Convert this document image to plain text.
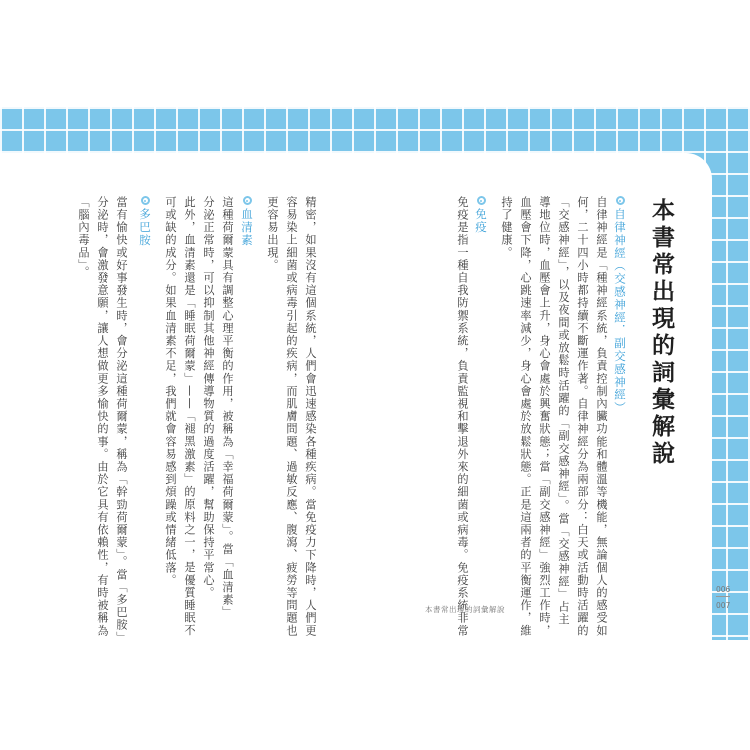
本書常出現的詞彙解說
自律神經（交感神經．副交感神經）
自律神經是「種神經系統，負責控制內臟功能和體溫等機能，無論個人的感受如
何，二十四小時都持續不斷運作著。自律神經分為兩部分：白天或活動時活躍的
「交感神經」，以及夜間或放鬆時活躍的「副交感神經」。當「交感神經」占主
導地位時，血壓會上升，身心會處於興奮狀態；當「副交感神經」強烈工作時，
血壓會下降，心跳速率減少，身心會處於放鬆狀態。正是這兩者的平衡運作，維
持了健康。
免疫
免疫是指一種自我防禦系統，負責監視和擊退外來的細菌或病毒。免疫系統非常
精密，如果沒有這個系統，人們會迅速感染各種疾病。當免疫力下降時，人們更
容易染上細菌或病毒引起的疾病，而肌膚問題、過敏反應、腹瀉、疲勞等問題也
更容易出現。
血清素
這種荷爾蒙具有調整心理平衡的作用，被稱為「幸福荷爾蒙」。當「血清素」
分泌正常時，可以抑制其他神經傳導物質的過度活躍，幫助保持平常心。
此外，血清素還是「睡眠荷爾蒙」——「褪黑激素」的原料之一，是優質睡眠不
可或缺的成分。如果血清素不足，我們就會容易感到煩躁或情緒低落。
多巴胺
當有愉快或好事發生時，會分泌這種荷爾蒙，稱為「幹勁荷爾蒙」。當「多巴胺」
分泌時，會激發意願，讓人想做更多愉快的事。由於它具有依賴性，有時被稱為
「腦內毒品」。
本書常出現的詞彙解說
006
007
